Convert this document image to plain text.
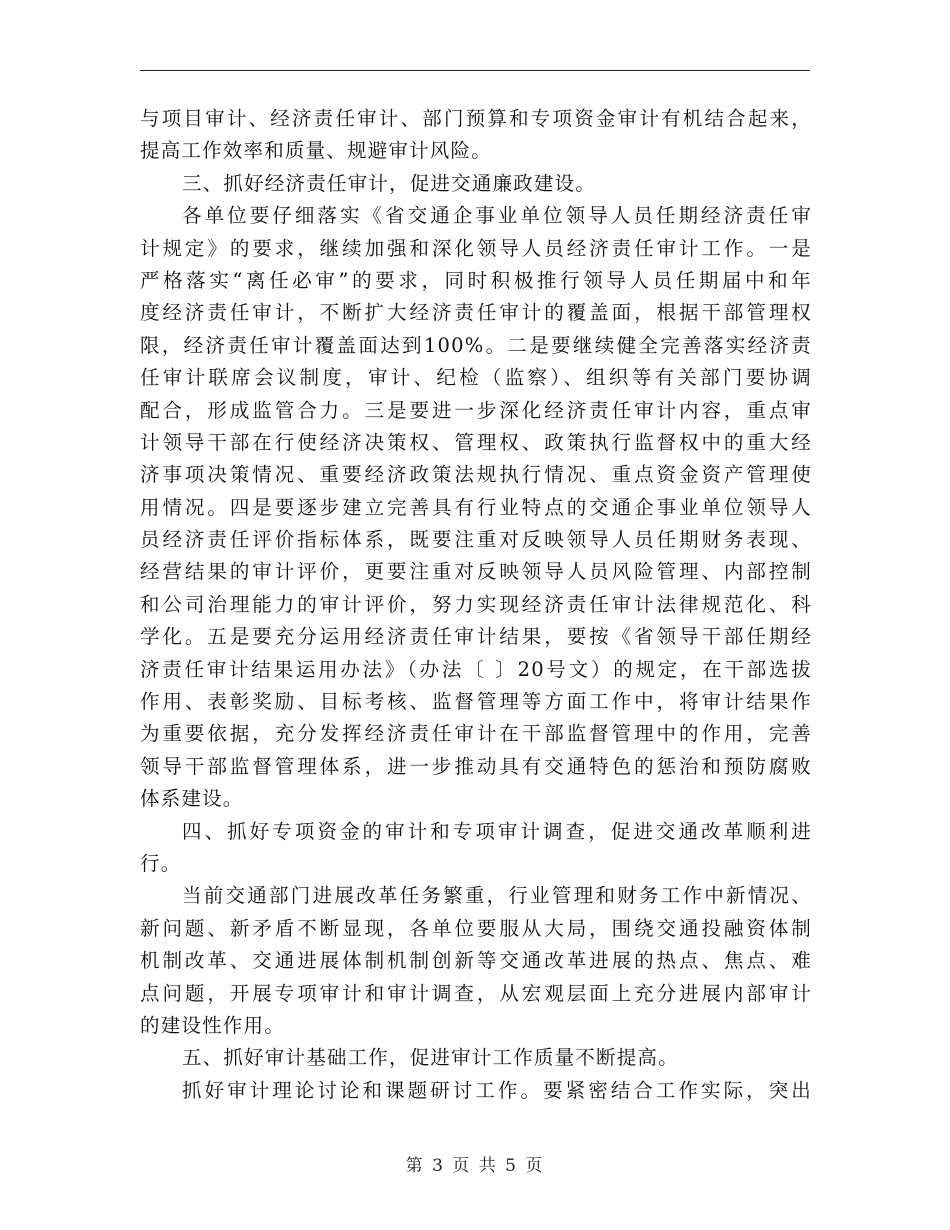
与项目审计、经济责任审计、部门预算和专项资金审计有机结合起来，
提高工作效率和质量、规避审计风险。
三、抓好经济责任审计，促进交通廉政建设。
各单位要仔细落实《省交通企事业单位领导人员任期经济责任审
计规定》的要求，继续加强和深化领导人员经济责任审计工作。一是
严格落实“离任必审”的要求，同时积极推行领导人员任期届中和年
度经济责任审计，不断扩大经济责任审计的覆盖面，根据干部管理权
限，经济责任审计覆盖面达到100%。二是要继续健全完善落实经济责
任审计联席会议制度，审计、纪检（监察）、组织等有关部门要协调
配合，形成监管合力。三是要进一步深化经济责任审计内容，重点审
计领导干部在行使经济决策权、管理权、政策执行监督权中的重大经
济事项决策情况、重要经济政策法规执行情况、重点资金资产管理使
用情况。四是要逐步建立完善具有行业特点的交通企事业单位领导人
员经济责任评价指标体系，既要注重对反映领导人员任期财务表现、
经营结果的审计评价，更要注重对反映领导人员风险管理、内部控制
和公司治理能力的审计评价，努力实现经济责任审计法律规范化、科
学化。五是要充分运用经济责任审计结果，要按《省领导干部任期经
济责任审计结果运用办法》（办法〔 〕20号文）的规定，在干部选拔
作用、表彰奖励、目标考核、监督管理等方面工作中，将审计结果作
为重要依据，充分发挥经济责任审计在干部监督管理中的作用，完善
领导干部监督管理体系，进一步推动具有交通特色的惩治和预防腐败
体系建设。
四、抓好专项资金的审计和专项审计调查，促进交通改革顺利进
行。
当前交通部门进展改革任务繁重，行业管理和财务工作中新情况、
新问题、新矛盾不断显现，各单位要服从大局，围绕交通投融资体制
机制改革、交通进展体制机制创新等交通改革进展的热点、焦点、难
点问题，开展专项审计和审计调查，从宏观层面上充分进展内部审计
的建设性作用。
五、抓好审计基础工作，促进审计工作质量不断提高。
抓好审计理论讨论和课题研讨工作。要紧密结合工作实际，突出
第 3 页 共 5 页
